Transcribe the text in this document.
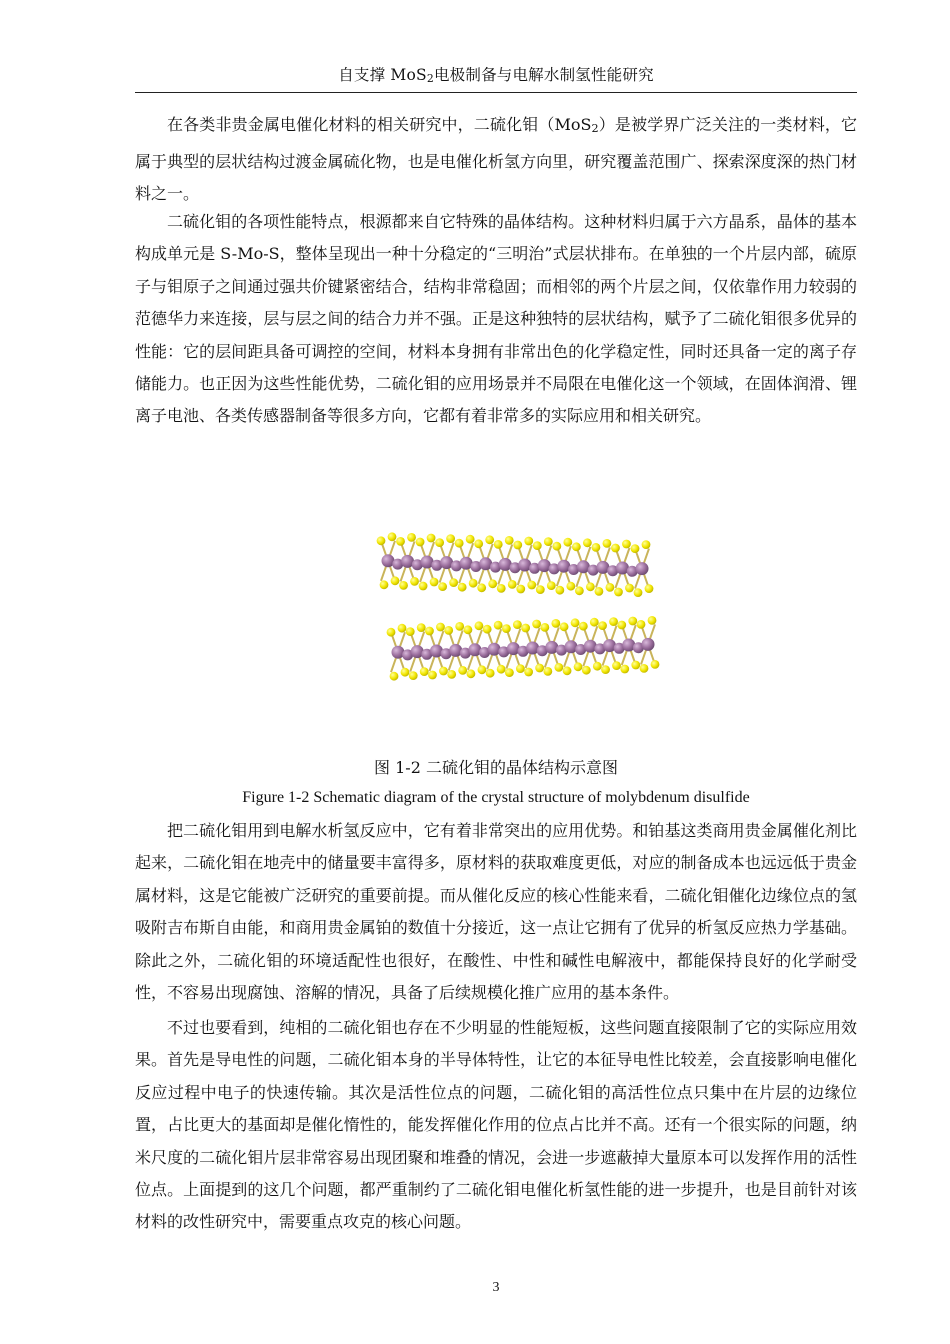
自支撑 MoS$_2$电极制备与电解水制氢性能研究

在各类非贵金属电催化材料的相关研究中，二硫化钼（MoS$_2$）是被学界广泛关注的一类材料，它属于典型的层状结构过渡金属硫化物，也是电催化析氢方向里，研究覆盖范围广、探索深度深的热门材料之一。

二硫化钼的各项性能特点，根源都来自它特殊的晶体结构。这种材料归属于六方晶系，晶体的基本构成单元是 S-Mo-S，整体呈现出一种十分稳定的“三明治”式层状排布。在单独的一个片层内部，硫原子与钼原子之间通过强共价键紧密结合，结构非常稳固；而相邻的两个片层之间，仅依靠作用力较弱的范德华力来连接，层与层之间的结合力并不强。正是这种独特的层状结构，赋予了二硫化钼很多优异的性能：它的层间距具备可调控的空间，材料本身拥有非常出色的化学稳定性，同时还具备一定的离子存储能力。也正因为这些性能优势，二硫化钼的应用场景并不局限在电催化这一个领域，在固体润滑、锂离子电池、各类传感器制备等很多方向，它都有着非常多的实际应用和相关研究。

图 1-2 二硫化钼的晶体结构示意图
Figure 1-2 Schematic diagram of the crystal structure of molybdenum disulfide

把二硫化钼用到电解水析氢反应中，它有着非常突出的应用优势。和铂基这类商用贵金属催化剂比起来，二硫化钼在地壳中的储量要丰富得多，原材料的获取难度更低，对应的制备成本也远远低于贵金属材料，这是它能被广泛研究的重要前提。而从催化反应的核心性能来看，二硫化钼催化边缘位点的氢吸附吉布斯自由能，和商用贵金属铂的数值十分接近，这一点让它拥有了优异的析氢反应热力学基础。除此之外，二硫化钼的环境适配性也很好，在酸性、中性和碱性电解液中，都能保持良好的化学耐受性，不容易出现腐蚀、溶解的情况，具备了后续规模化推广应用的基本条件。

不过也要看到，纯相的二硫化钼也存在不少明显的性能短板，这些问题直接限制了它的实际应用效果。首先是导电性的问题，二硫化钼本身的半导体特性，让它的本征导电性比较差，会直接影响电催化反应过程中电子的快速传输。其次是活性位点的问题，二硫化钼的高活性位点只集中在片层的边缘位置，占比更大的基面却是催化惰性的，能发挥催化作用的位点占比并不高。还有一个很实际的问题，纳米尺度的二硫化钼片层非常容易出现团聚和堆叠的情况，会进一步遮蔽掉大量原本可以发挥作用的活性位点。上面提到的这几个问题，都严重制约了二硫化钼电催化析氢性能的进一步提升，也是目前针对该材料的改性研究中，需要重点攻克的核心问题。

3
